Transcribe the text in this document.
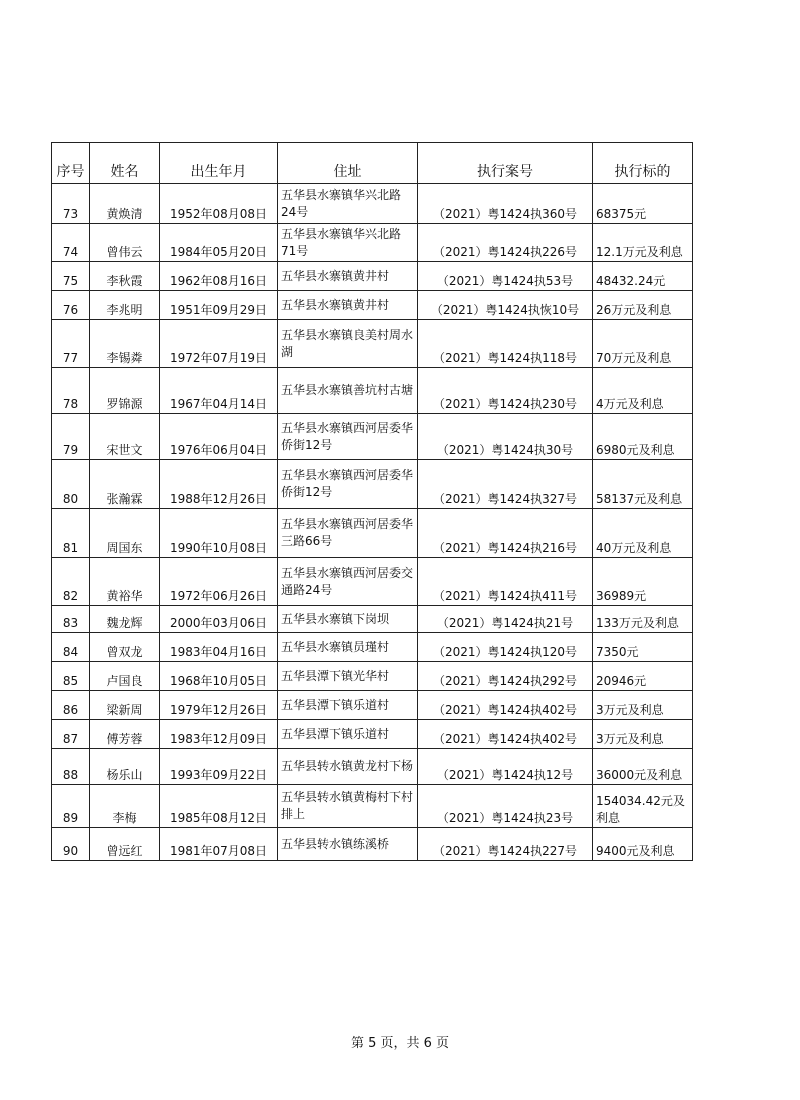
序号	姓名	出生年月	住址	执行案号	执行标的
73	黄焕清	1952年08月08日	五华县水寨镇华兴北路24号	（2021）粤1424执360号	68375元
74	曾伟云	1984年05月20日	五华县水寨镇华兴北路71号	（2021）粤1424执226号	12.1万元及利息
75	李秋霞	1962年08月16日	五华县水寨镇黄井村	（2021）粤1424执53号	48432.24元
76	李兆明	1951年09月29日	五华县水寨镇黄井村	（2021）粤1424执恢10号	26万元及利息
77	李锡粦	1972年07月19日	五华县水寨镇良美村周水湖	（2021）粤1424执118号	70万元及利息
78	罗锦源	1967年04月14日	五华县水寨镇善坑村古塘	（2021）粤1424执230号	4万元及利息
79	宋世文	1976年06月04日	五华县水寨镇西河居委华侨街12号	（2021）粤1424执30号	6980元及利息
80	张瀚霖	1988年12月26日	五华县水寨镇西河居委华侨街12号	（2021）粤1424执327号	58137元及利息
81	周国东	1990年10月08日	五华县水寨镇西河居委华三路66号	（2021）粤1424执216号	40万元及利息
82	黄裕华	1972年06月26日	五华县水寨镇西河居委交通路24号	（2021）粤1424执411号	36989元
83	魏龙辉	2000年03月06日	五华县水寨镇下岗坝	（2021）粤1424执21号	133万元及利息
84	曾双龙	1983年04月16日	五华县水寨镇员瑾村	（2021）粤1424执120号	7350元
85	卢国良	1968年10月05日	五华县潭下镇光华村	（2021）粤1424执292号	20946元
86	梁新周	1979年12月26日	五华县潭下镇乐道村	（2021）粤1424执402号	3万元及利息
87	傅芳蓉	1983年12月09日	五华县潭下镇乐道村	（2021）粤1424执402号	3万元及利息
88	杨乐山	1993年09月22日	五华县转水镇黄龙村下杨	（2021）粤1424执12号	36000元及利息
89	李梅	1985年08月12日	五华县转水镇黄梅村下村排上	（2021）粤1424执23号	154034.42元及利息
90	曾远红	1981年07月08日	五华县转水镇练溪桥	（2021）粤1424执227号	9400元及利息
第 5 页，共 6 页
